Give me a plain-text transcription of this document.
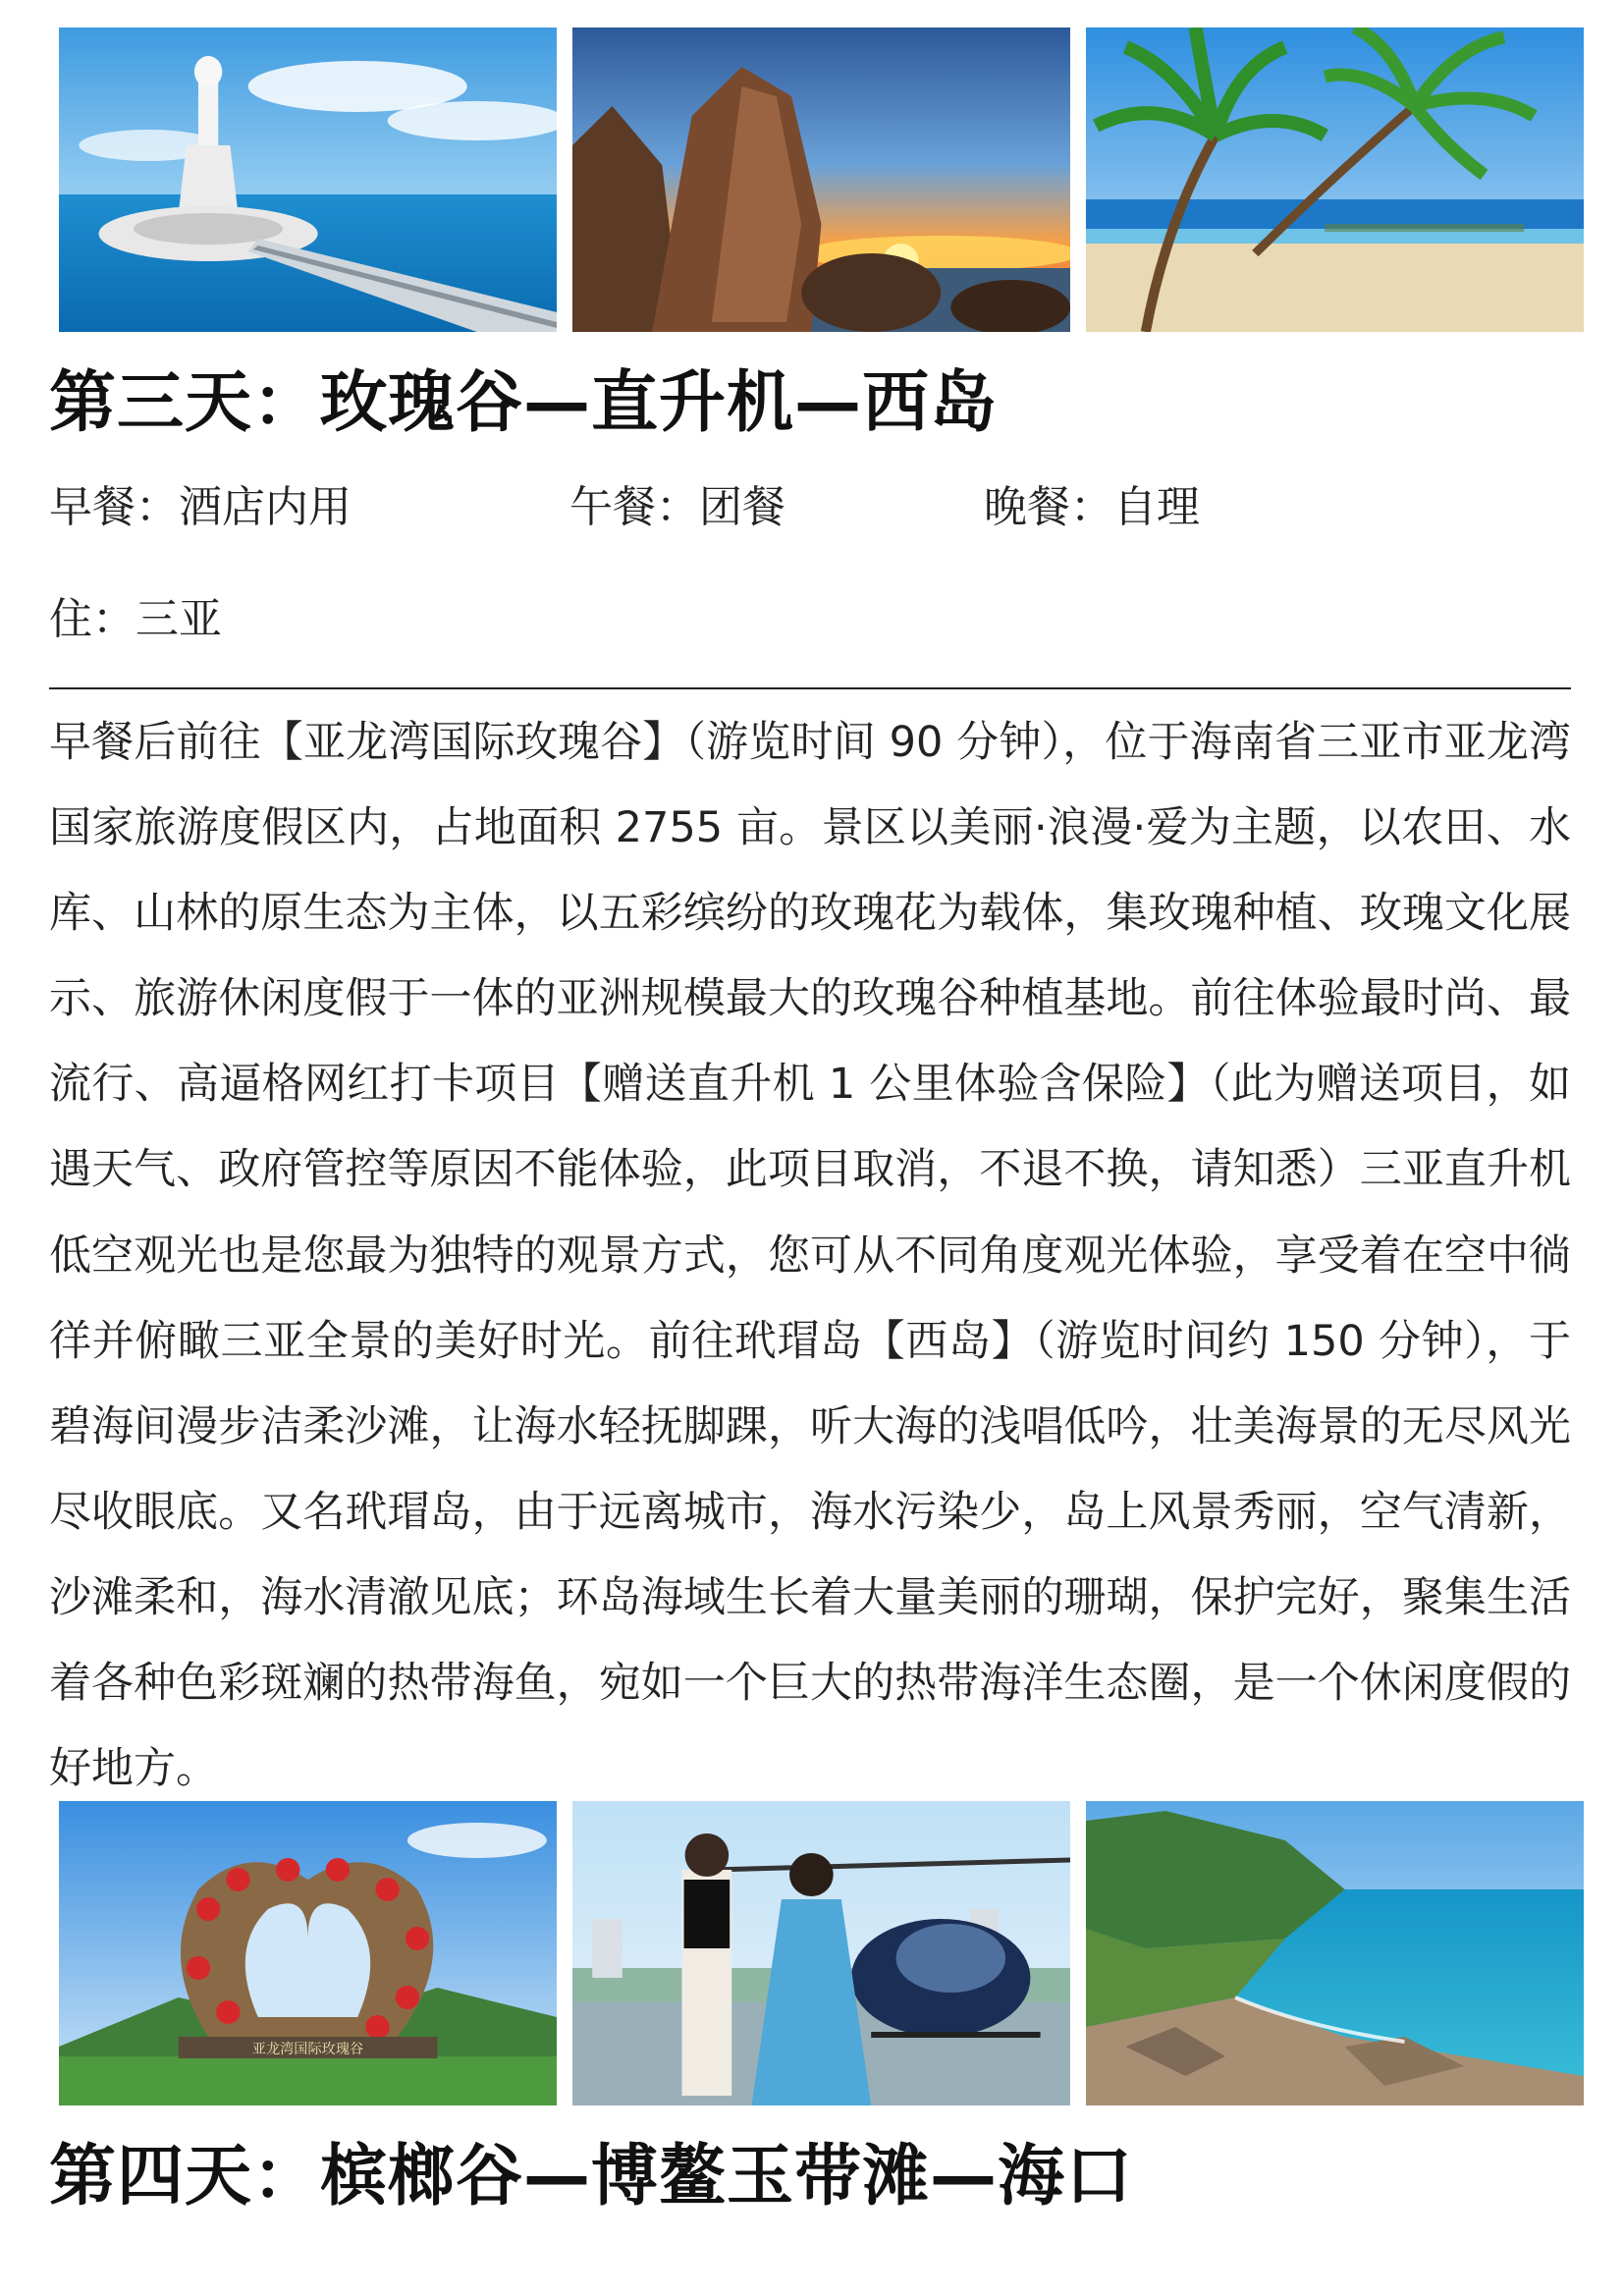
第三天：玫瑰谷—直升机—西岛
早餐：酒店内用	午餐：团餐	晚餐：自理
住：三亚

早餐后前往【亚龙湾国际玫瑰谷】（游览时间 90 分钟），位于海南省三亚市亚龙湾国家旅游度假区内，占地面积 2755 亩。景区以美丽·浪漫·爱为主题，以农田、水库、山林的原生态为主体，以五彩缤纷的玫瑰花为载体，集玫瑰种植、玫瑰文化展示、旅游休闲度假于一体的亚洲规模最大的玫瑰谷种植基地。前往体验最时尚、最流行、高逼格网红打卡项目【赠送直升机 1 公里体验含保险】（此为赠送项目，如遇天气、政府管控等原因不能体验，此项目取消，不退不换，请知悉）三亚直升机低空观光也是您最为独特的观景方式，您可从不同角度观光体验，享受着在空中徜徉并俯瞰三亚全景的美好时光。前往玳瑁岛【西岛】（游览时间约 150 分钟），于碧海间漫步洁柔沙滩，让海水轻抚脚踝，听大海的浅唱低吟，壮美海景的无尽风光尽收眼底。又名玳瑁岛，由于远离城市，海水污染少，岛上风景秀丽，空气清新，沙滩柔和，海水清澈见底；环岛海域生长着大量美丽的珊瑚，保护完好，聚集生活着各种色彩斑斓的热带海鱼，宛如一个巨大的热带海洋生态圈，是一个休闲度假的好地方。

亚龙湾国际玫瑰谷
第四天：槟榔谷—博鳌玉带滩—海口
